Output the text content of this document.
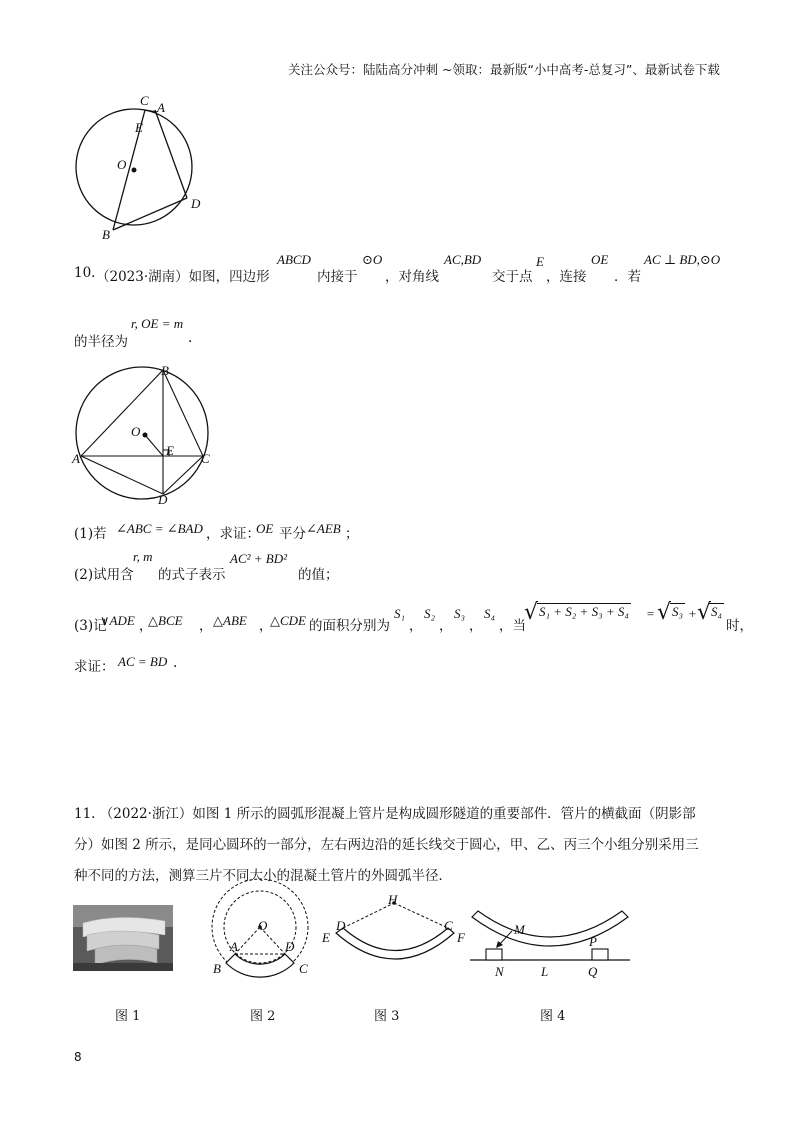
关注公众号：陆陆高分冲刺 ~领取：最新版“小中高考-总复习”、最新试卷下载
C A
E
O
D
B
10. （2023·湖南）如图，四边形
ABCD
内接于
⊙O
，对角线
AC,BD
交于点
E
，连接
OE
．若
AC ⊥ BD,⊙O
的半径为
r, OE = m
.
B
O
A
E
C
D
(1)若 ∠ABC = ∠BAD ，求证：
OE 平分 ∠AEB ；
(2)试用含
r, m
的式子表示
AC² + BD²
的值；
(3)记
∨ADE ，
△BCE ， △ABE ，
△CDE 的面积分别为
S₁
，
S₂
，
S₃
，
S₄
，当
√ S₁ + S₂ + S₃ + S₄ = √ S₃ + √ S₄
时，
求证： AC = BD .
11. （2022·浙江）如图 1 所示的圆弧形混凝上管片是构成圆形隧道的重要部件．管片的横截面（阴影部
分）如图 2 所示，是同心圆环的一部分，左右两边沿的延长线交于圆心，甲、乙、丙三个小组分别采用三
种不同的方法，测算三片不同大小的混凝土管片的外圆弧半径．
O
A	D
B	C
H
D	C
E	F
M
P
N	L	Q
图 1	图 2	图 3	图 4
8
